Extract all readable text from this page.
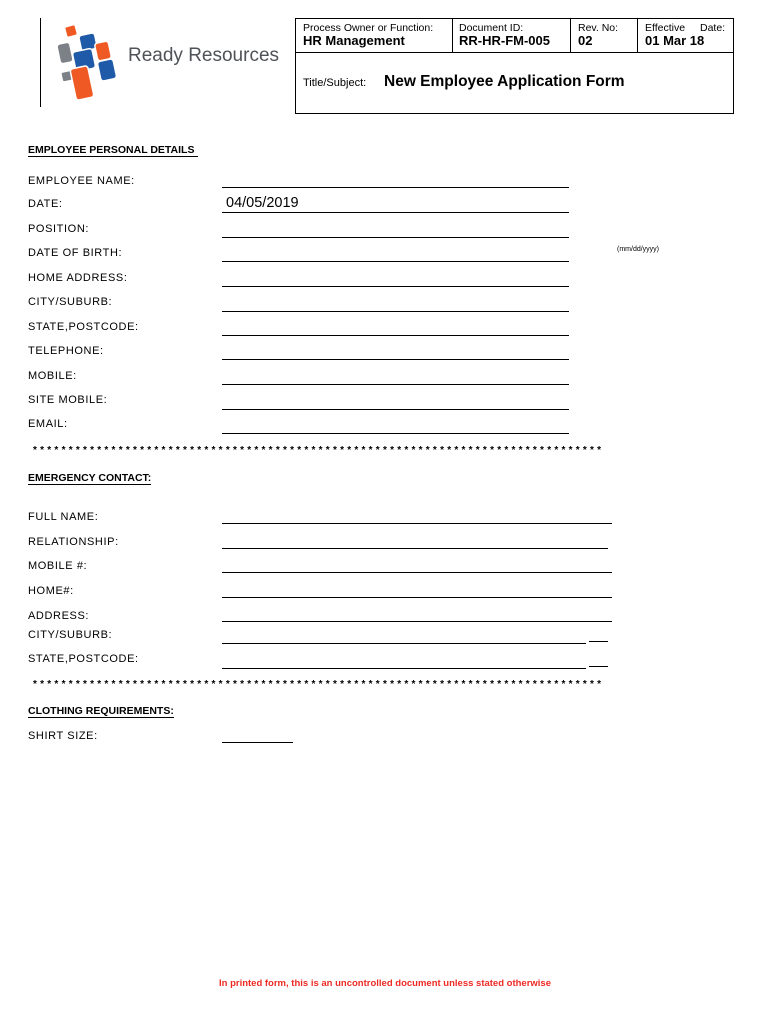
Ready Resources
Process Owner or Function:
HR Management
Document ID:
RR-HR-FM-005
Rev. No:
02
Effective Date:
01 Mar 18
Title/Subject: New Employee Application Form
EMPLOYEE PERSONAL DETAILS
EMPLOYEE NAME:
DATE:
04/05/2019
POSITION:
DATE OF BIRTH:	(mm/dd/yyyy)
HOME ADDRESS:
CITY/SUBURB:
STATE,POSTCODE:
TELEPHONE:
MOBILE:
SITE MOBILE:
EMAIL:
********************************************************************************
EMERGENCY CONTACT:
FULL NAME:
RELATIONSHIP:
MOBILE #:
HOME#:
ADDRESS:
CITY/SUBURB:
STATE,POSTCODE:
********************************************************************************
CLOTHING REQUIREMENTS:
SHIRT SIZE:
In printed form, this is an uncontrolled document unless stated otherwise
